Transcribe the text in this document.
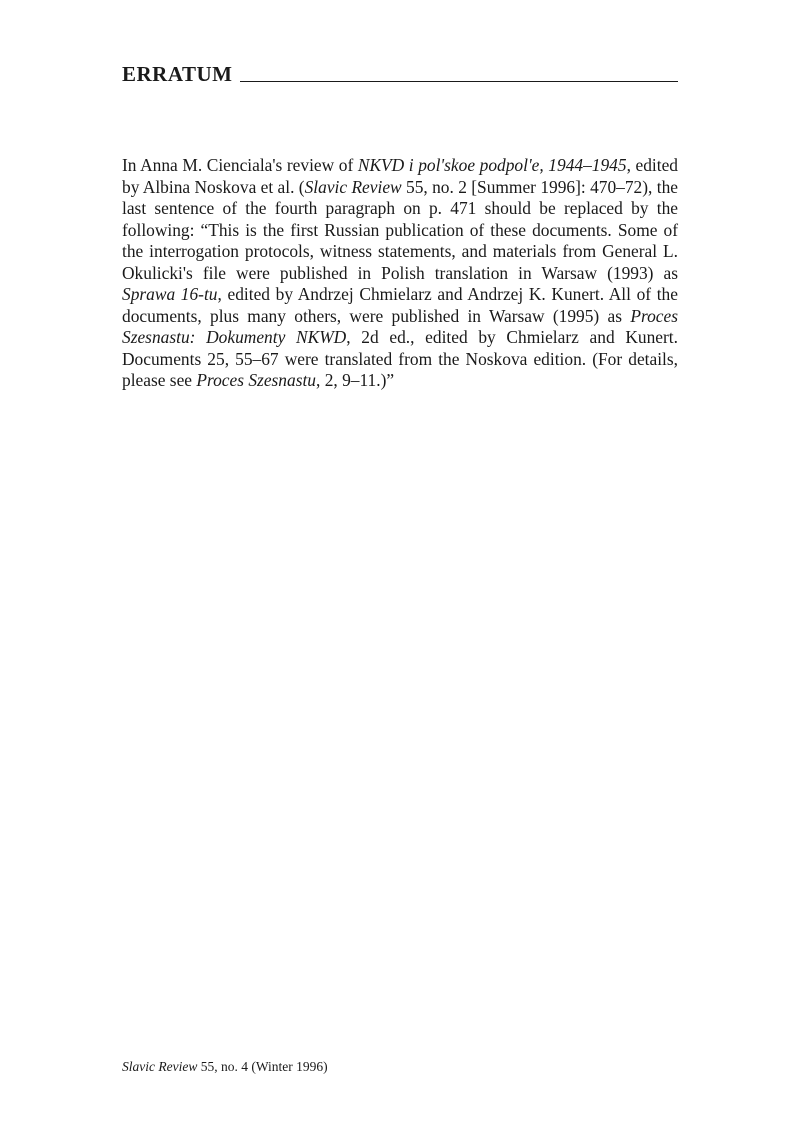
ERRATUM

In Anna M. Cienciala's review of NKVD i pol'skoe podpol'e, 1944–1945, edited by Albina Noskova et al. (Slavic Review 55, no. 2 [Summer 1996]: 470–72), the last sentence of the fourth paragraph on p. 471 should be replaced by the following: “This is the first Russian publication of these documents. Some of the interrogation protocols, witness statements, and materials from General L. Okulicki's file were published in Polish translation in Warsaw (1993) as Sprawa 16-tu, edited by Andrzej Chmielarz and Andrzej K. Kunert. All of the documents, plus many others, were published in Warsaw (1995) as Proces Szesnastu: Dokumenty NKWD, 2d ed., edited by Chmielarz and Kunert. Documents 25, 55–67 were translated from the Noskova edition. (For details, please see Proces Szesnastu, 2, 9–11.)”

Slavic Review 55, no. 4 (Winter 1996)
